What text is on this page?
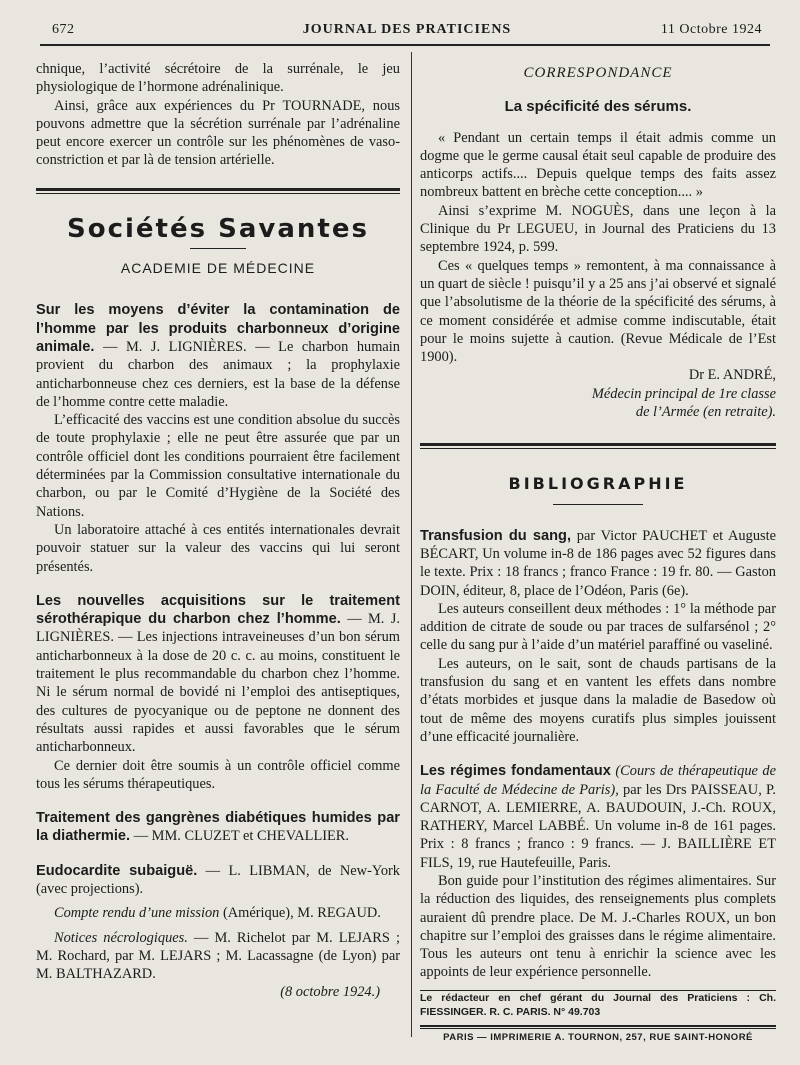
672	JOURNAL DES PRATICIENS	11 Octobre 1924

chnique, l’activité sécrétoire de la surrénale, le jeu physiologique de l’hormone adrénalinique.

Ainsi, grâce aux expériences du Pr TOURNADE, nous pouvons admettre que la sécrétion surrénale par l’adrénaline peut encore exercer un contrôle sur les phénomènes de vaso-constriction et par là de tension artérielle.

Sociétés Savantes
ACADEMIE DE MÉDECINE

Sur les moyens d’éviter la contamination de l’homme par les produits charbonneux d’origine animale. — M. J. LIGNIÈRES. — Le charbon humain provient du charbon des animaux ; la prophylaxie anticharbonneuse chez ces derniers, est la base de la défense de l’homme contre cette maladie.

L’efficacité des vaccins est une condition absolue du succès de toute prophylaxie ; elle ne peut être assurée que par un contrôle officiel dont les conditions pourraient être facilement déterminées par la Commission consultative internationale du charbon, ou par le Comité d’Hygiène de la Société des Nations.

Un laboratoire attaché à ces entités internationales devrait pouvoir statuer sur la valeur des vaccins qui lui seront présentés.

Les nouvelles acquisitions sur le traitement sérothérapique du charbon chez l’homme. — M. J. LIGNIÈRES. — Les injections intraveineuses d’un bon sérum anticharbonneux à la dose de 20 c. c. au moins, constituent le traitement le plus recommandable du charbon chez l’homme. Ni le sérum normal de bovidé ni l’emploi des antiseptiques, des cultures de pyocyanique ou de peptone ne donnent des résultats aussi rapides et aussi favorables que le sérum anticharbonneux.

Ce dernier doit être soumis à un contrôle officiel comme tous les sérums thérapeutiques.

Traitement des gangrènes diabétiques humides par la diathermie. — MM. CLUZET et CHEVALLIER.

Eudocardite subaiguë. — L. LIBMAN, de New-York (avec projections).

Compte rendu d’une mission (Amérique), M. REGAUD.

Notices nécrologiques. — M. Richelot par M. LEJARS ; M. Rochard, par M. LEJARS ; M. Lacassagne (de Lyon) par M. BALTHAZARD.

(8 octobre 1924.)

CORRESPONDANCE
La spécificité des sérums.

« Pendant un certain temps il était admis comme un dogme que le germe causal était seul capable de produire des anticorps actifs.... Depuis quelque temps des faits assez nombreux battent en brèche cette conception.... »

Ainsi s’exprime M. NOGUÈS, dans une leçon à la Clinique du Pr LEGUEU, in Journal des Praticiens du 13 septembre 1924, p. 599.

Ces « quelques temps » remontent, à ma connaissance à un quart de siècle ! puisqu’il y a 25 ans j’ai observé et signalé que l’absolutisme de la théorie de la spécificité des sérums, à ce moment considérée et admise comme indiscutable, était pour le moins sujette à caution. (Revue Médicale de l’Est 1900).

Dr E. ANDRÉ,

Médecin principal de 1re classe

de l’Armée (en retraite).

BIBLIOGRAPHIE

Transfusion du sang, par Victor PAUCHET et Auguste BÉCART, Un volume in-8 de 186 pages avec 52 figures dans le texte. Prix : 18 francs ; franco France : 19 fr. 80. — Gaston DOIN, éditeur, 8, place de l’Odéon, Paris (6e).

Les auteurs conseillent deux méthodes : 1° la méthode par addition de citrate de soude ou par traces de sulfarsénol ; 2° celle du sang pur à l’aide d’un matériel paraffiné ou vaseliné.

Les auteurs, on le sait, sont de chauds partisans de la transfusion du sang et en vantent les effets dans nombre d’états morbides et jusque dans la maladie de Basedow où tout de même des moyens curatifs plus simples jouissent d’une efficacité journalière.

Les régimes fondamentaux (Cours de thérapeutique de la Faculté de Médecine de Paris), par les Drs PAISSEAU, P. CARNOT, A. LEMIERRE, A. BAUDOUIN, J.-Ch. ROUX, RATHERY, Marcel LABBÉ. Un volume in-8 de 161 pages. Prix : 8 francs ; franco : 9 francs. — J. BAILLIÈRE ET FILS, 19, rue Hautefeuille, Paris.

Bon guide pour l’institution des régimes alimentaires. Sur la réduction des liquides, des renseignements plus complets auraient dû prendre place. De M. J.-Charles ROUX, un bon chapitre sur l’emploi des graisses dans le régime alimentaire. Tous les auteurs ont tenu à enrichir la science avec les appoints de leur expérience personnelle.

Le rédacteur en chef gérant du Journal des Praticiens : Ch. FIESSINGER. R. C. PARIS. N° 49.703

PARIS — IMPRIMERIE A. TOURNON, 257, RUE SAINT-HONORÉ
